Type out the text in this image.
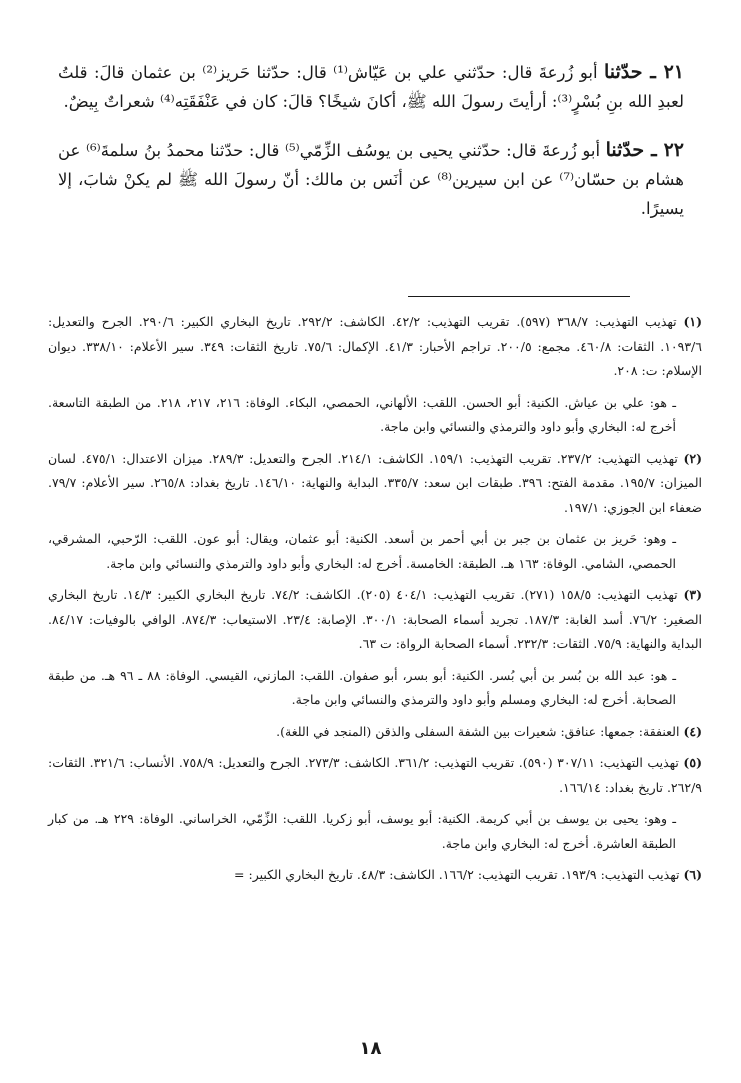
٢١ ـ حدّثنا أبو زُرعةَ قال: حدّثني علي بن عَيّاش⁽¹⁾ قال: حدّثنا حَريز⁽²⁾ بن عثمان قالَ: قلتُ لعبدِ الله بنِ بُسْرٍ⁽³⁾: أرأيتَ رسولَ الله ﷺ، أكانَ شيخًا؟ قالَ: كان في عَنْفَقَتِه⁽⁴⁾ شعراتٌ بِيضٌ.

٢٢ ـ حدّثنا أبو زُرعةَ قال: حدّثني يحيى بن يوسُف الزِّمّي⁽⁵⁾ قال: حدّثنا محمدُ بنُ سلمةَ⁽⁶⁾ عن هشام بن حسّان⁽⁷⁾ عن ابن سيرين⁽⁸⁾ عن أنَس بن مالك: أنّ رسولَ الله ﷺ لم يكنْ شابَ، إلا يسيرًا.

(١) تهذيب التهذيب: ٣٦٨/٧ (٥٩٧). تقريب التهذيب: ٤٢/٢. الكاشف: ٢٩٢/٢. تاريخ البخاري الكبير: ٢٩٠/٦. الجرح والتعديل: ١٠٩٣/٦. الثقات: ٤٦٠/٨. مجمع: ٢٠٠/٥. تراجم الأحبار: ٤١/٣. الإكمال: ٧٥/٦. تاريخ الثقات: ٣٤٩. سير الأعلام: ٣٣٨/١٠. ديوان الإسلام: ت: ٢٠٨.
ـ هو: علي بن عياش. الكنية: أبو الحسن. اللقب: الألهاني، الحمصي، البكاء. الوفاة: ٢١٦، ٢١٧، ٢١٨. من الطبقة التاسعة. أخرج له: البخاري وأبو داود والترمذي والنسائي وابن ماجة.
(٢) تهذيب التهذيب: ٢٣٧/٢. تقريب التهذيب: ١٥٩/١. الكاشف: ٢١٤/١. الجرح والتعديل: ٢٨٩/٣. ميزان الاعتدال: ٤٧٥/١. لسان الميزان: ١٩٥/٧. مقدمة الفتح: ٣٩٦. طبقات ابن سعد: ٣٣٥/٧. البداية والنهاية: ١٤٦/١٠. تاريخ بغداد: ٢٦٥/٨. سير الأعلام: ٧٩/٧. ضعفاء ابن الجوزي: ١٩٧/١.
ـ وهو: حَريز بن عثمان بن جبر بن أبي أحمر بن أسعد. الكنية: أبو عثمان، ويقال: أبو عون. اللقب: الرّحبي، المشرقي، الحمصي، الشامي. الوفاة: ١٦٣ هـ. الطبقة: الخامسة. أخرج له: البخاري وأبو داود والترمذي والنسائي وابن ماجة.
(٣) تهذيب التهذيب: ١٥٨/٥ (٢٧١). تقريب التهذيب: ٤٠٤/١ (٢٠٥). الكاشف: ٧٤/٢. تاريخ البخاري الكبير: ١٤/٣. تاريخ البخاري الصغير: ٧٦/٢. أسد الغابة: ١٨٧/٣. تجريد أسماء الصحابة: ٣٠٠/١. الإصابة: ٢٣/٤. الاستيعاب: ٨٧٤/٣. الوافي بالوفيات: ٨٤/١٧. البداية والنهاية: ٧٥/٩. الثقات: ٢٣٢/٣. أسماء الصحابة الرواة: ت ٦٣.
ـ هو: عبد الله بن بُسر بن أبي بُسر. الكنية: أبو بسر، أبو صفوان. اللقب: المازني، القيسي. الوفاة: ٨٨ ـ ٩٦ هـ. من طبقة الصحابة. أخرج له: البخاري ومسلم وأبو داود والترمذي والنسائي وابن ماجة.
(٤) العنفقة: جمعها: عنافق: شعيرات بين الشفة السفلى والذقن (المنجد في اللغة).
(٥) تهذيب التهذيب: ٣٠٧/١١ (٥٩٠). تقريب التهذيب: ٣٦١/٢. الكاشف: ٢٧٣/٣. الجرح والتعديل: ٧٥٨/٩. الأنساب: ٣٢١/٦. الثقات: ٢٦٢/٩. تاريخ بغداد: ١٦٦/١٤.
ـ وهو: يحيى بن يوسف بن أبي كريمة. الكنية: أبو يوسف، أبو زكريا. اللقب: الزِّمّي، الخراساني. الوفاة: ٢٢٩ هـ. من كبار الطبقة العاشرة. أخرج له: البخاري وابن ماجة.
(٦) تهذيب التهذيب: ١٩٣/٩. تقريب التهذيب: ١٦٦/٢. الكاشف: ٤٨/٣. تاريخ البخاري الكبير: =
١٨
